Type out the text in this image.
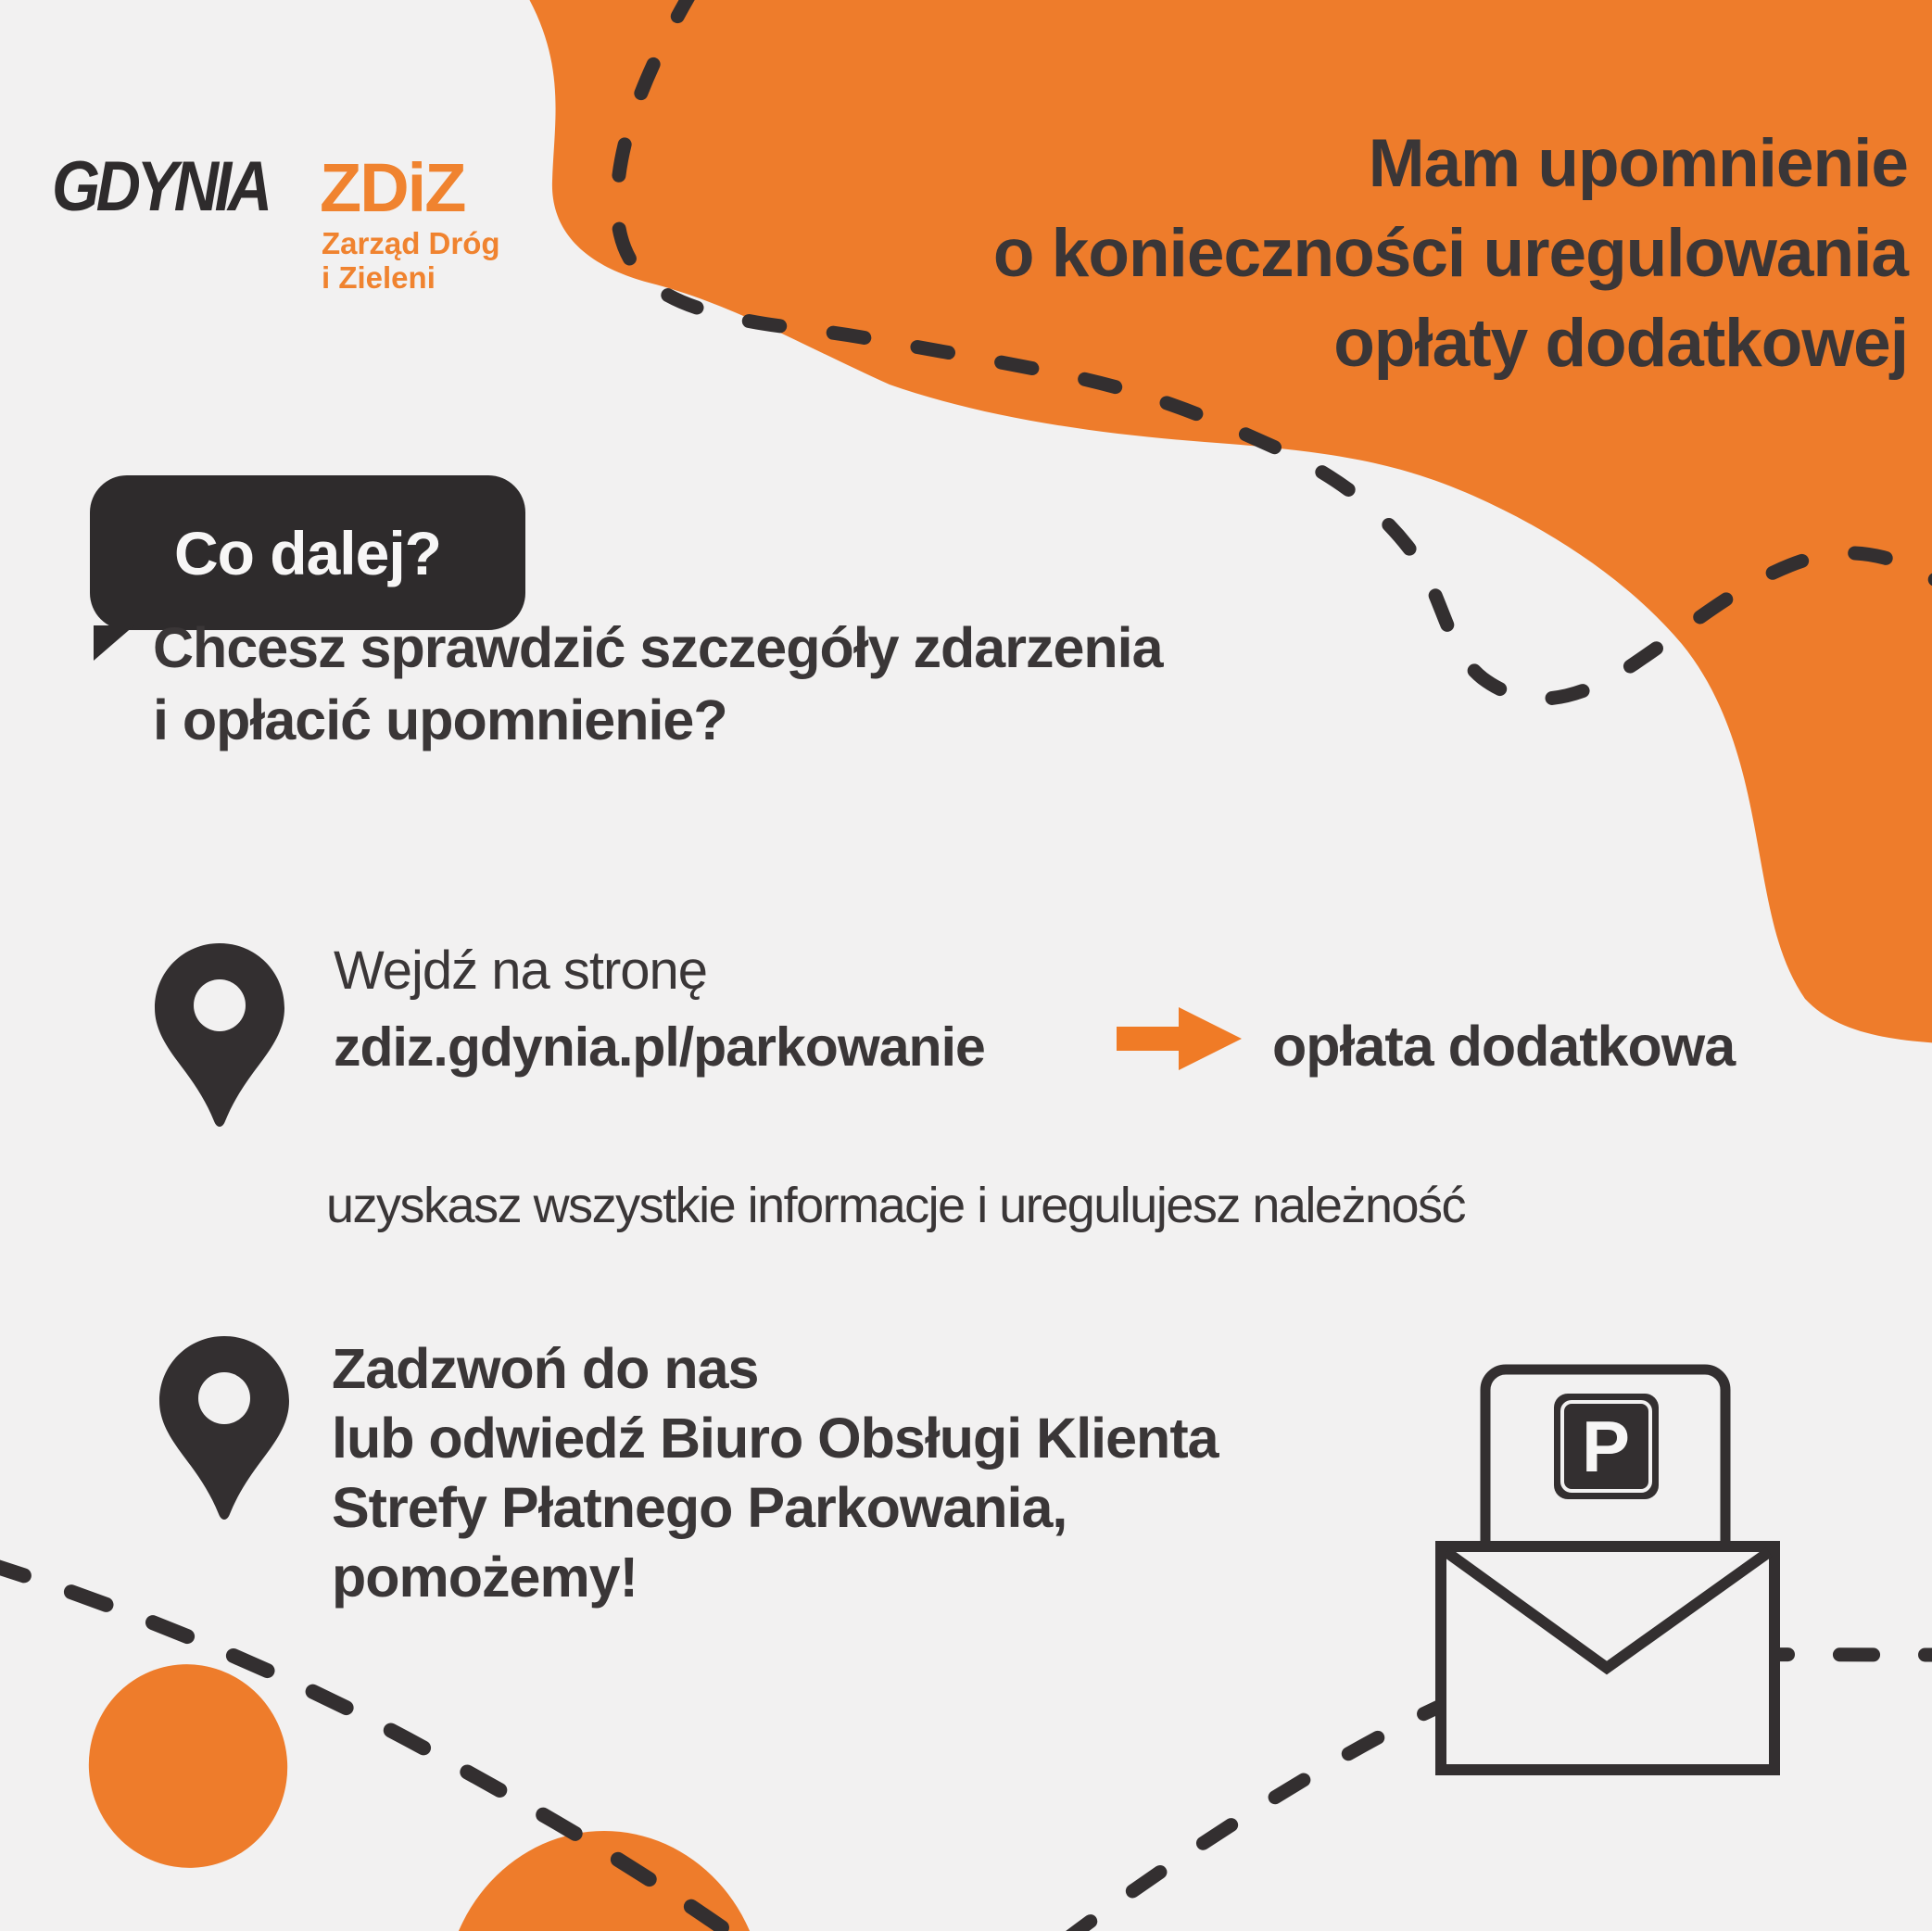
P
GDYNIA ZDiZ
Zarząd Dróg
i Zieleni
Mam upomnienie
o konieczności uregulowania
opłaty dodatkowej
Co dalej?
Chcesz sprawdzić szczegóły zdarzenia
i opłacić upomnienie?
Wejdź na stronę
zdiz.gdynia.pl/parkowanie	opłata dodatkowa
uzyskasz wszystkie informacje i uregulujesz należność
Zadzwoń do nas
lub odwiedź Biuro Obsługi Klienta
Strefy Płatnego Parkowania,
pomożemy!
